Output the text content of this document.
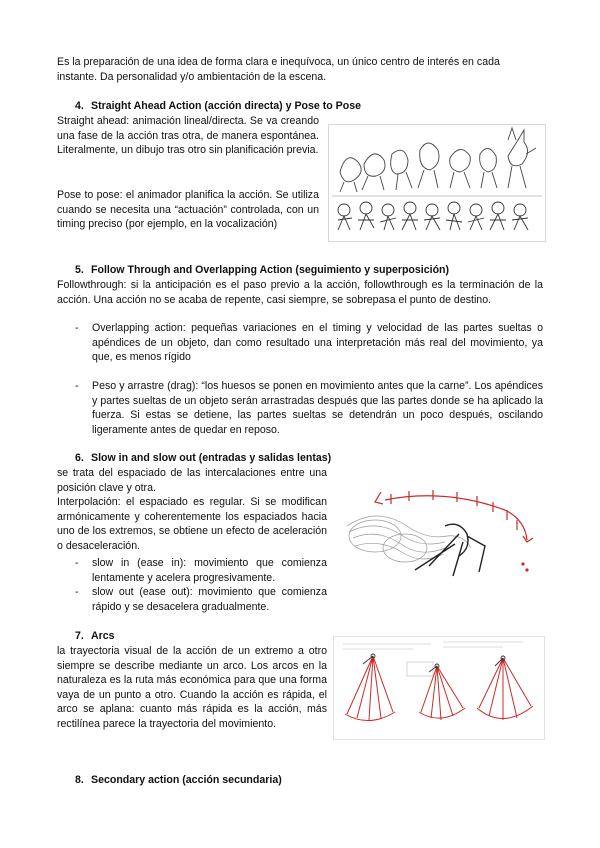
Es la preparación de una idea de forma clara e inequívoca, un único centro de interés en cada
instante. Da personalidad y/o ambientación de la escena.
4. Straight Ahead Action (acción directa) y Pose to Pose
Straight ahead: animación lineal/directa. Se va creando una fase de la acción tras otra, de manera espontánea. Literalmente, un dibujo tras otro sin planificación previa.
Pose to pose: el animador planifica la acción. Se utiliza cuando se necesita una “actuación” controlada, con un timing preciso (por ejemplo, en la vocalización)
5. Follow Through and Overlapping Action (seguimiento y superposición)
Followthrough: si la anticipación es el paso previo a la acción, followthrough es la terminación de la acción. Una acción no se acaba de repente, casi siempre, se sobrepasa el punto de destino.
- Overlapping action: pequeñas variaciones en el timing y velocidad de las partes sueltas o apéndices de un objeto, dan como resultado una interpretación más real del movimiento, ya que, es menos rígido
- Peso y arrastre (drag): “los huesos se ponen en movimiento antes que la carne”. Los apéndices y partes sueltas de un objeto serán arrastradas después que las partes donde se ha aplicado la fuerza. Si estas se detiene, las partes sueltas se detendrán un poco después, oscilando ligeramente antes de quedar en reposo.
6. Slow in and slow out (entradas y salidas lentas)
se trata del espaciado de las intercalaciones entre una posición clave y otra.
Interpolación: el espaciado es regular. Si se modifican armónicamente y coherentemente los espaciados hacia uno de los extremos, se obtiene un efecto de aceleración o desaceleración.
- slow in (ease in): movimiento que comienza lentamente y acelera progresivamente.
- slow out (ease out): movimiento que comienza rápido y se desacelera gradualmente.
7. Arcs
la trayectoria visual de la acción de un extremo a otro siempre se describe mediante un arco. Los arcos en la naturaleza es la ruta más económica para que una forma vaya de un punto a otro. Cuando la acción es rápida, el arco se aplana: cuanto más rápida es la acción, más rectilínea parece la trayectoria del movimiento.
8. Secondary action (acción secundaria)
